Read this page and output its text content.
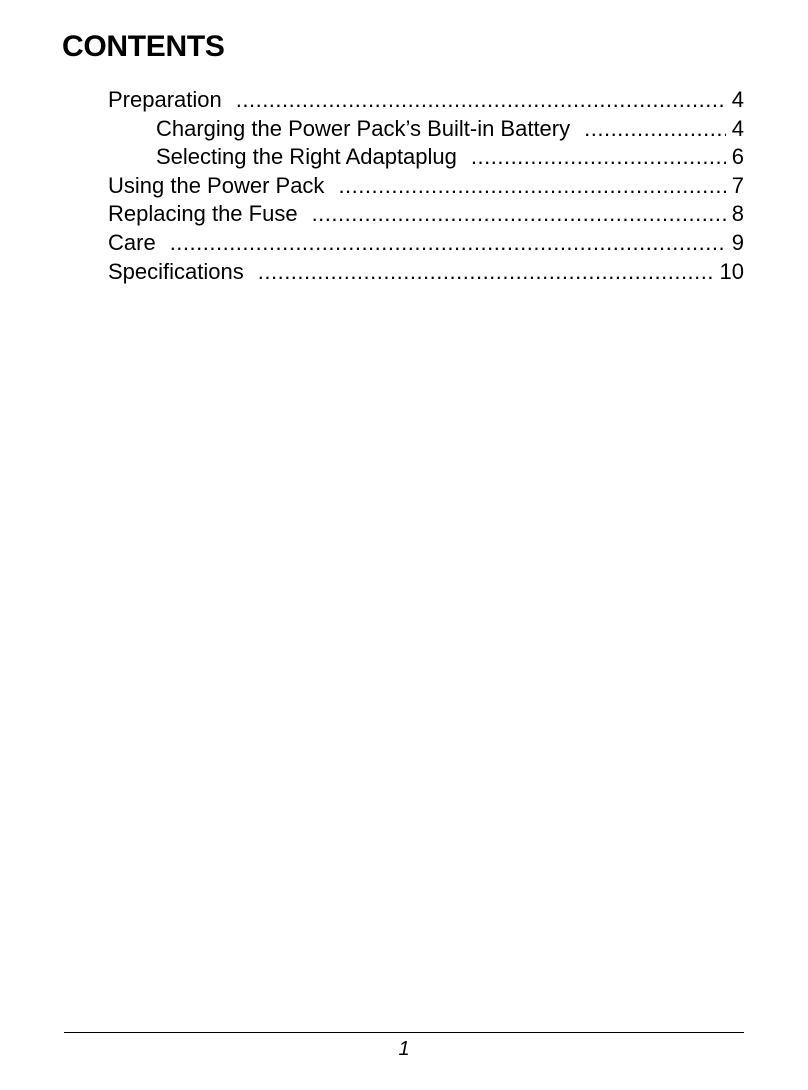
CONTENTS
Preparation .....	4
Charging the Power Pack’s Built-in Battery .....	4
Selecting the Right Adaptaplug .....	6
Using the Power Pack .....	7
Replacing the Fuse .....	8
Care .....	9
Specifications .....	10
1
